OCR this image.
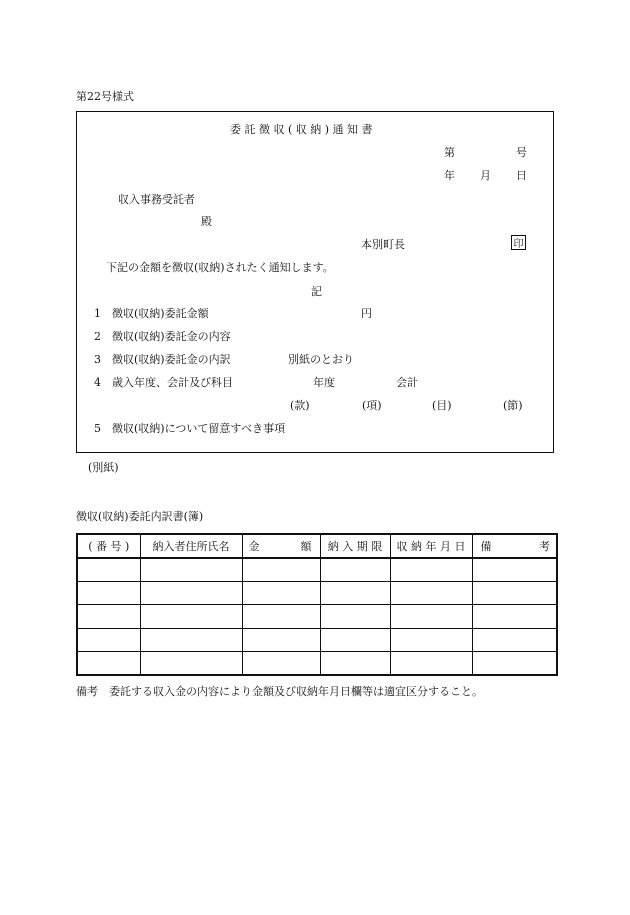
第22号様式
委 託 徴 収 ( 収 納 ) 通 知 書
第	号
年 月 日
収入事務受託者
殿
本別町長	印
下記の金額を徴収(収納)されたく通知します。
記
1 徴収(収納)委託金額	円
2 徴収(収納)委託金の内容
3 徴収(収納)委託金の内訳	別紙のとおり
4 歳入年度、会計及び科目	年度	会計
(款)	(項)	(目)	(節)
5 徴収(収納)について留意すべき事項
(別紙)
徴収(収納)委託内訳書(簿)
( 番 号 )	納入者住所氏名	金 額	納 入 期 限	収 納 年 月 日	備 考

備考　委託する収入金の内容により金額及び収納年月日欄等は適宜区分すること。
